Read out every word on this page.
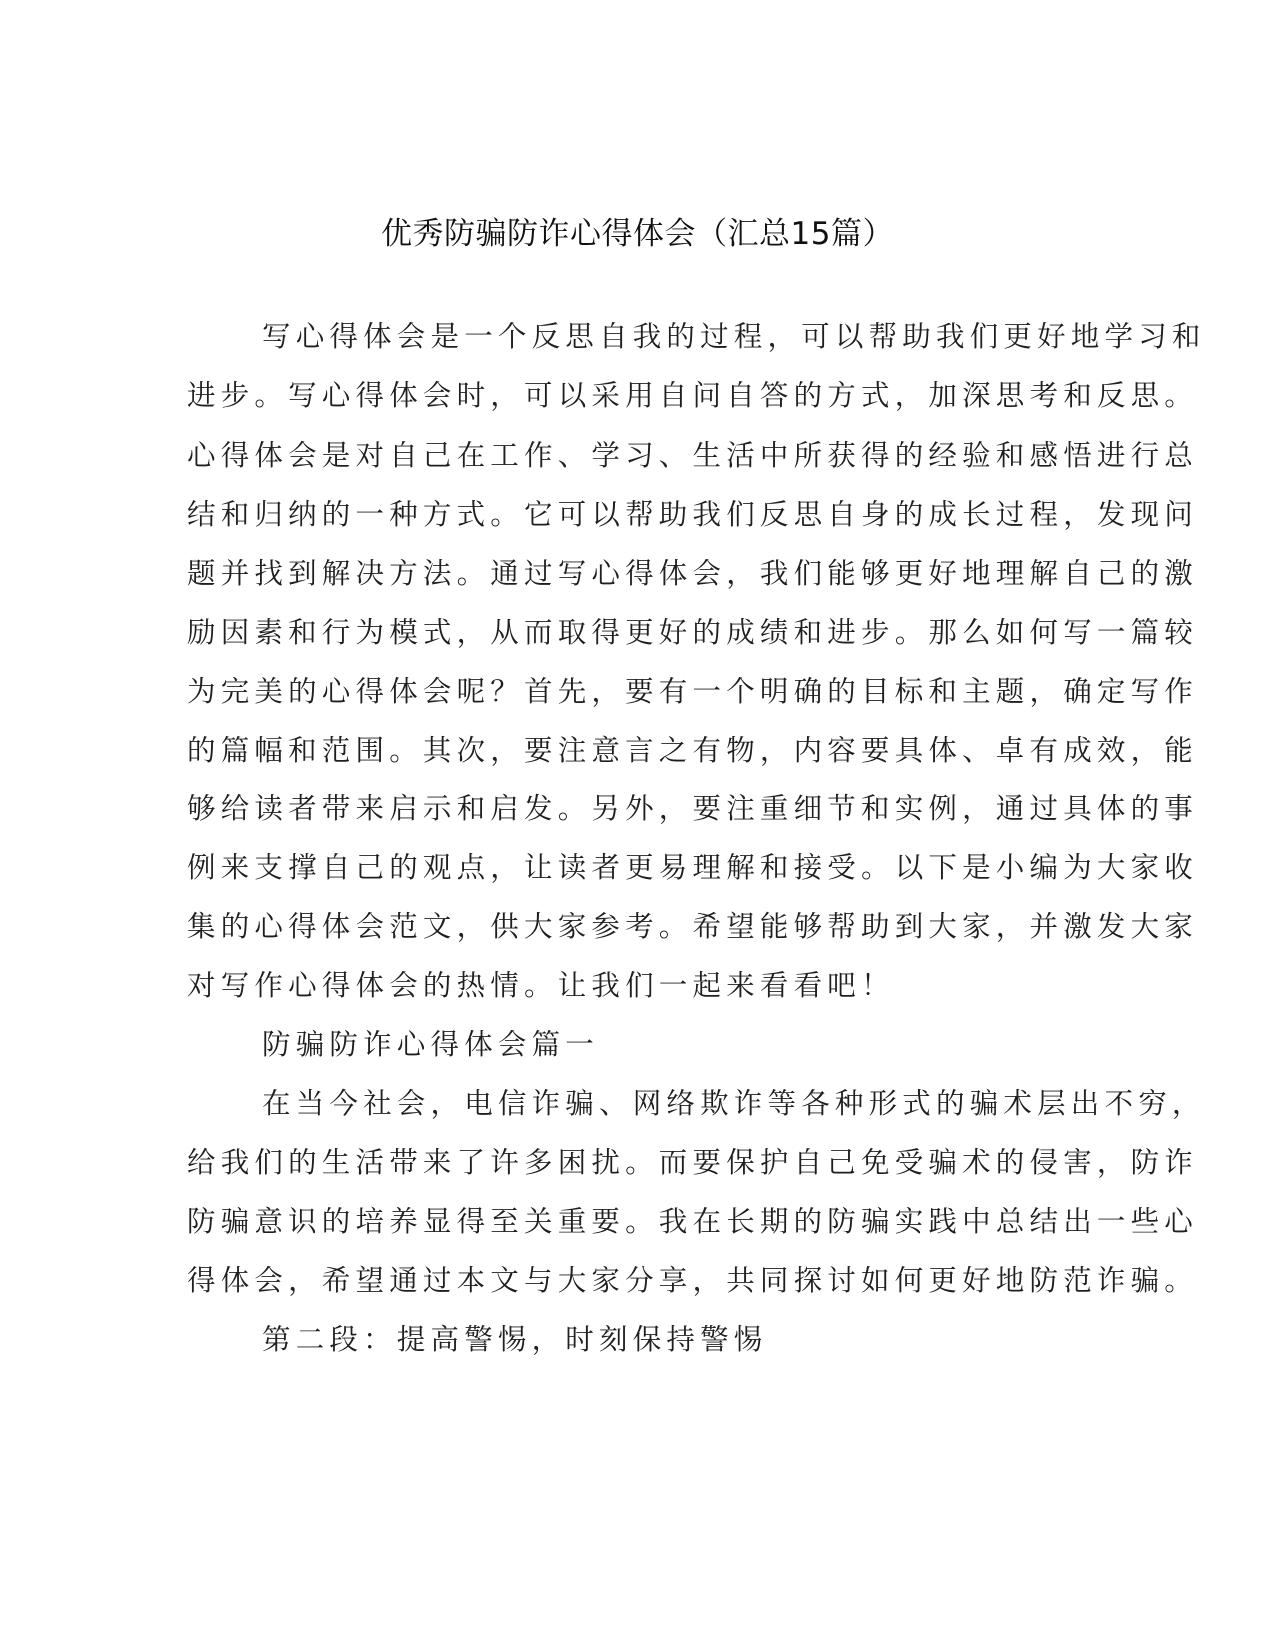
优秀防骗防诈心得体会（汇总15篇）
写心得体会是一个反思自我的过程，可以帮助我们更好地学习和
进步。写心得体会时，可以采用自问自答的方式，加深思考和反思。
心得体会是对自己在工作、学习、生活中所获得的经验和感悟进行总
结和归纳的一种方式。它可以帮助我们反思自身的成长过程，发现问
题并找到解决方法。通过写心得体会，我们能够更好地理解自己的激
励因素和行为模式，从而取得更好的成绩和进步。那么如何写一篇较
为完美的心得体会呢？首先，要有一个明确的目标和主题，确定写作
的篇幅和范围。其次，要注意言之有物，内容要具体、卓有成效，能
够给读者带来启示和启发。另外，要注重细节和实例，通过具体的事
例来支撑自己的观点，让读者更易理解和接受。以下是小编为大家收
集的心得体会范文，供大家参考。希望能够帮助到大家，并激发大家
对写作心得体会的热情。让我们一起来看看吧！
防骗防诈心得体会篇一
在当今社会，电信诈骗、网络欺诈等各种形式的骗术层出不穷，
给我们的生活带来了许多困扰。而要保护自己免受骗术的侵害，防诈
防骗意识的培养显得至关重要。我在长期的防骗实践中总结出一些心
得体会，希望通过本文与大家分享，共同探讨如何更好地防范诈骗。
第二段：提高警惕，时刻保持警惕
